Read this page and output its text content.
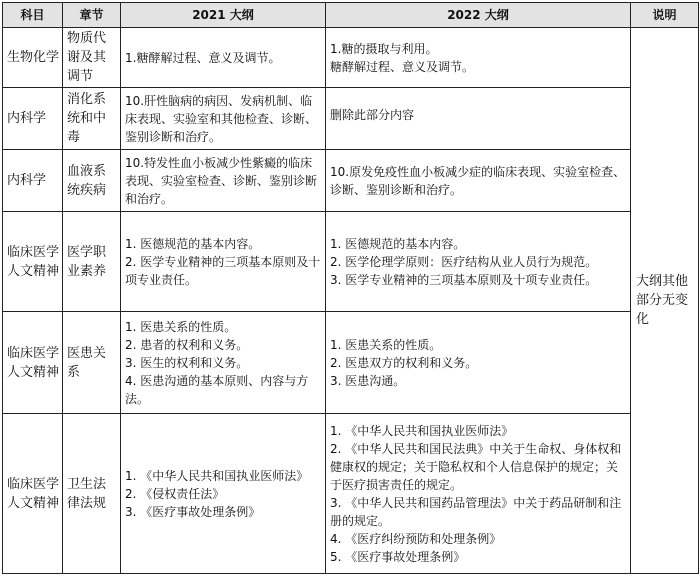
科目	章节	2021 大纲	2022 大纲	说明
生物化学	物质代谢及其调节	1.糖酵解过程、意义及调节。	1.糖的摄取与利用。
糖酵解过程、意义及调节。	大纲其他部分无变化
内科学	消化系统和中毒	10.肝性脑病的病因、发病机制、临床表现、实验室和其他检查、诊断、鉴别诊断和治疗。	删除此部分内容	

内科学	血液系统疾病	10.特发性血小板减少性紫癜的临床表现、实验室检查、诊断、鉴别诊断和治疗。	10.原发免疫性血小板减少症的临床表现、实验室检查、诊断、鉴别诊断和治疗。	

临床医学人文精神	医学职业素养	1. 医德规范的基本内容。
2. 医学专业精神的三项基本原则及十项专业责任。	1. 医德规范的基本内容。
2. 医学伦理学原则：医疗结构从业人员行为规范。
3. 医学专业精神的三项基本原则及十项专业责任。	

临床医学人文精神	医患关系	1. 医患关系的性质。
2. 患者的权利和义务。
3. 医生的权利和义务。
4. 医患沟通的基本原则、内容与方法。	1. 医患关系的性质。
2. 医患双方的权利和义务。
3. 医患沟通。	

临床医学人文精神	卫生法律法规	1. 《中华人民共和国执业医师法》
2. 《侵权责任法》
3. 《医疗事故处理条例》	1. 《中华人民共和国执业医师法》
2. 《中华人民共和国民法典》中关于生命权、身体权和健康权的规定；关于隐私权和个人信息保护的规定；关于医疗损害责任的规定。
3. 《中华人民共和国药品管理法》中关于药品研制和注册的规定。
4. 《医疗纠纷预防和处理条例》
5. 《医疗事故处理条例》	
